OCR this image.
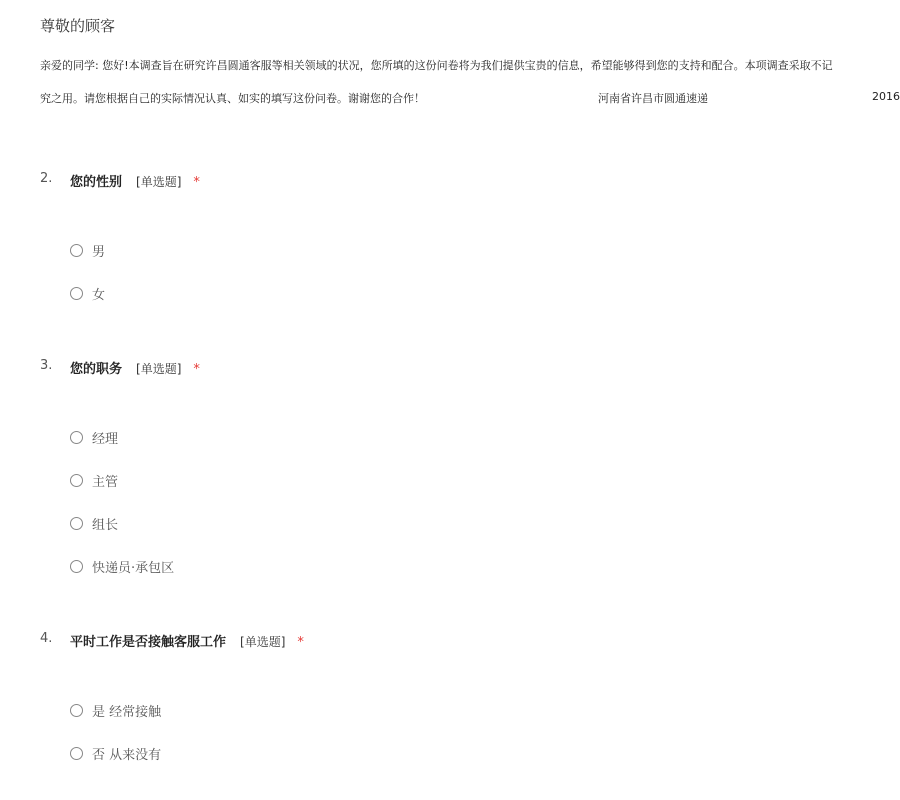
尊敬的顾客
亲爱的同学: 您好!本调查旨在研究许昌圆通客服等相关领域的状况，您所填的这份问卷将为我们提供宝贵的信息，希望能够得到您的支持和配合。本项调查采取不记
究之用。请您根据自己的实际情况认真、如实的填写这份问卷。谢谢您的合作！	河南省许昌市圆通速递	2016
2. 您的性别 [单选题] *
男
女
3. 您的职务 [单选题] *
经理
主管
组长
快递员·承包区
4. 平时工作是否接触客服工作 [单选题] *
是 经常接触
否 从来没有
